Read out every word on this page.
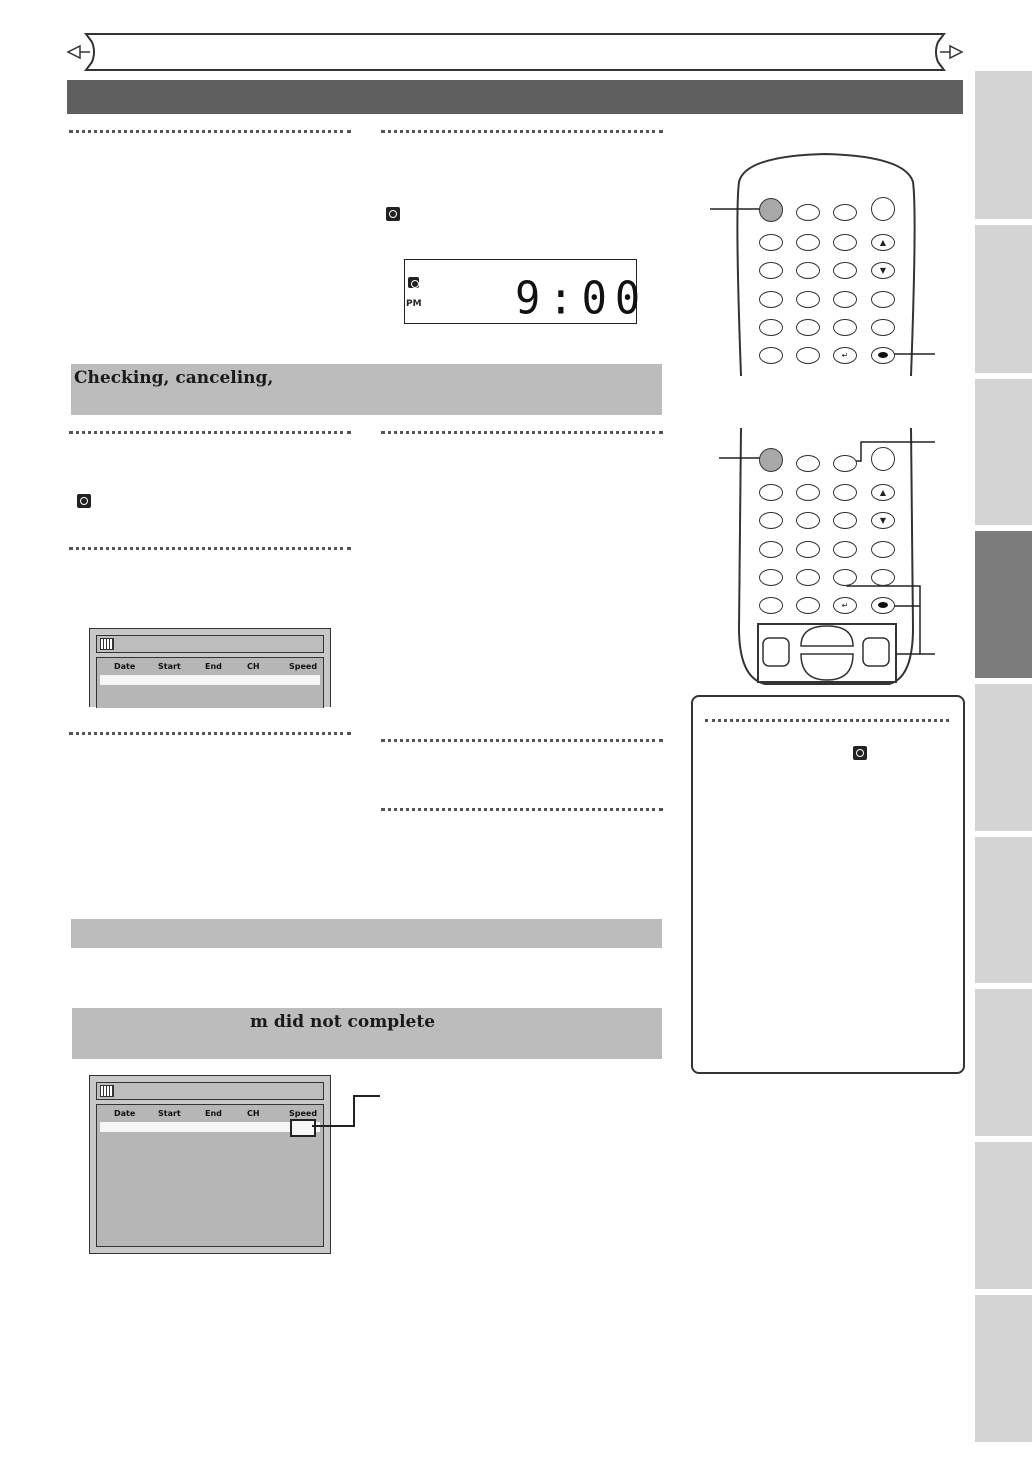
PM 9:00
Checking, canceling,
Date	Start	End	CH	Speed
m did not complete
Date	Start	End	CH	Speed
▲
▼
↵
▲
▼
↵
